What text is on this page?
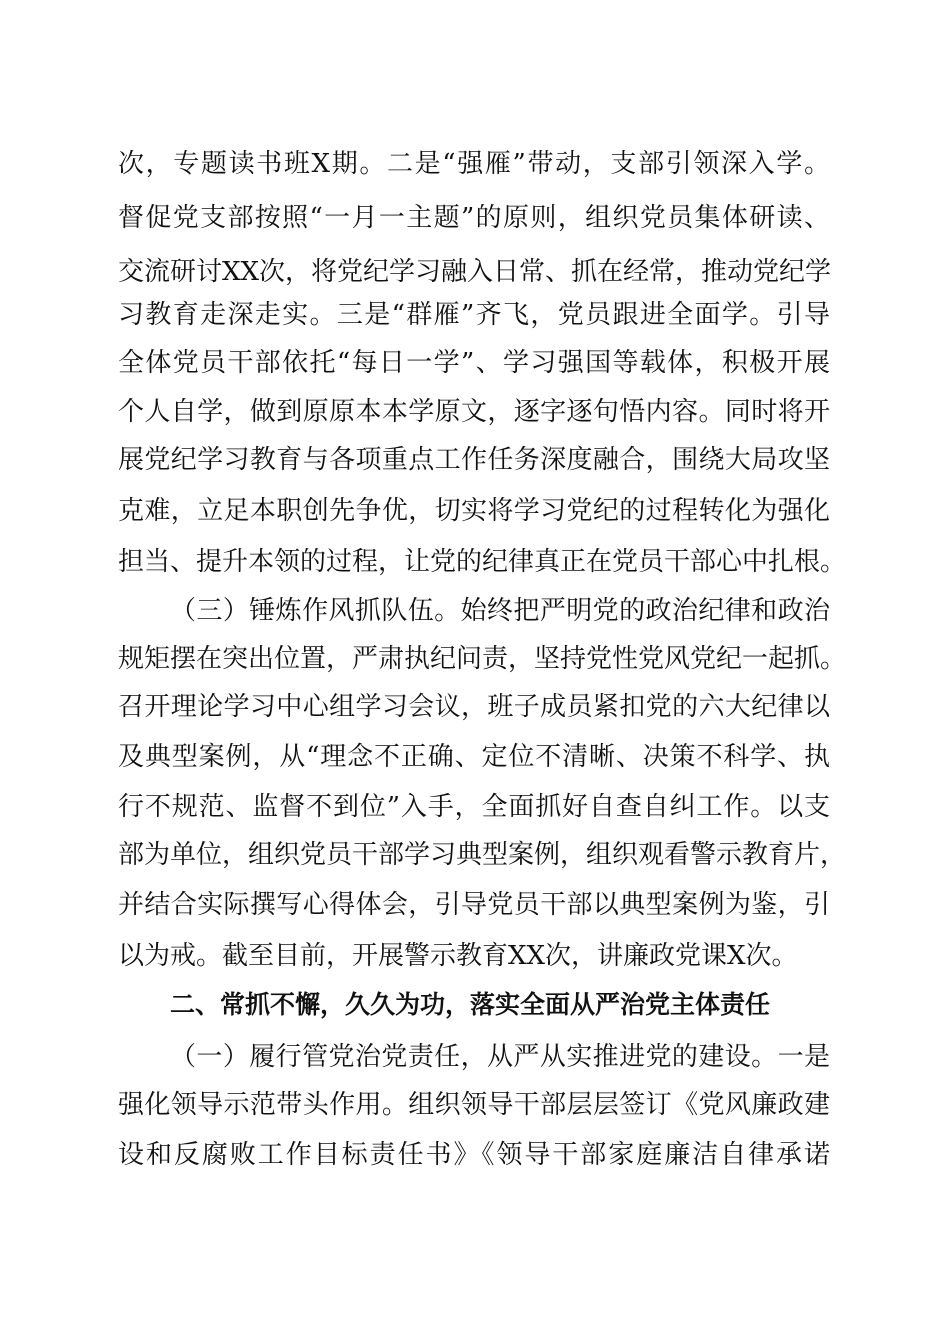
次，专题读书班X期。二是“强雁”带动，支部引领深入学。
督促党支部按照“一月一主题”的原则，组织党员集体研读、
交流研讨XX次，将党纪学习融入日常、抓在经常，推动党纪学
习教育走深走实。三是“群雁”齐飞，党员跟进全面学。引导
全体党员干部依托“每日一学”、学习强国等载体，积极开展
个人自学，做到原原本本学原文，逐字逐句悟内容。同时将开
展党纪学习教育与各项重点工作任务深度融合，围绕大局攻坚
克难，立足本职创先争优，切实将学习党纪的过程转化为强化
担当、提升本领的过程，让党的纪律真正在党员干部心中扎根。
（三）锤炼作风抓队伍。始终把严明党的政治纪律和政治
规矩摆在突出位置，严肃执纪问责，坚持党性党风党纪一起抓。
召开理论学习中心组学习会议，班子成员紧扣党的六大纪律以
及典型案例，从“理念不正确、定位不清晰、决策不科学、执
行不规范、监督不到位”入手，全面抓好自查自纠工作。以支
部为单位，组织党员干部学习典型案例，组织观看警示教育片，
并结合实际撰写心得体会，引导党员干部以典型案例为鉴，引
以为戒。截至目前，开展警示教育XX次，讲廉政党课X次。
二、常抓不懈，久久为功，落实全面从严治党主体责任
（一）履行管党治党责任，从严从实推进党的建设。一是
强化领导示范带头作用。组织领导干部层层签订《党风廉政建
设和反腐败工作目标责任书》《领导干部家庭廉洁自律承诺
